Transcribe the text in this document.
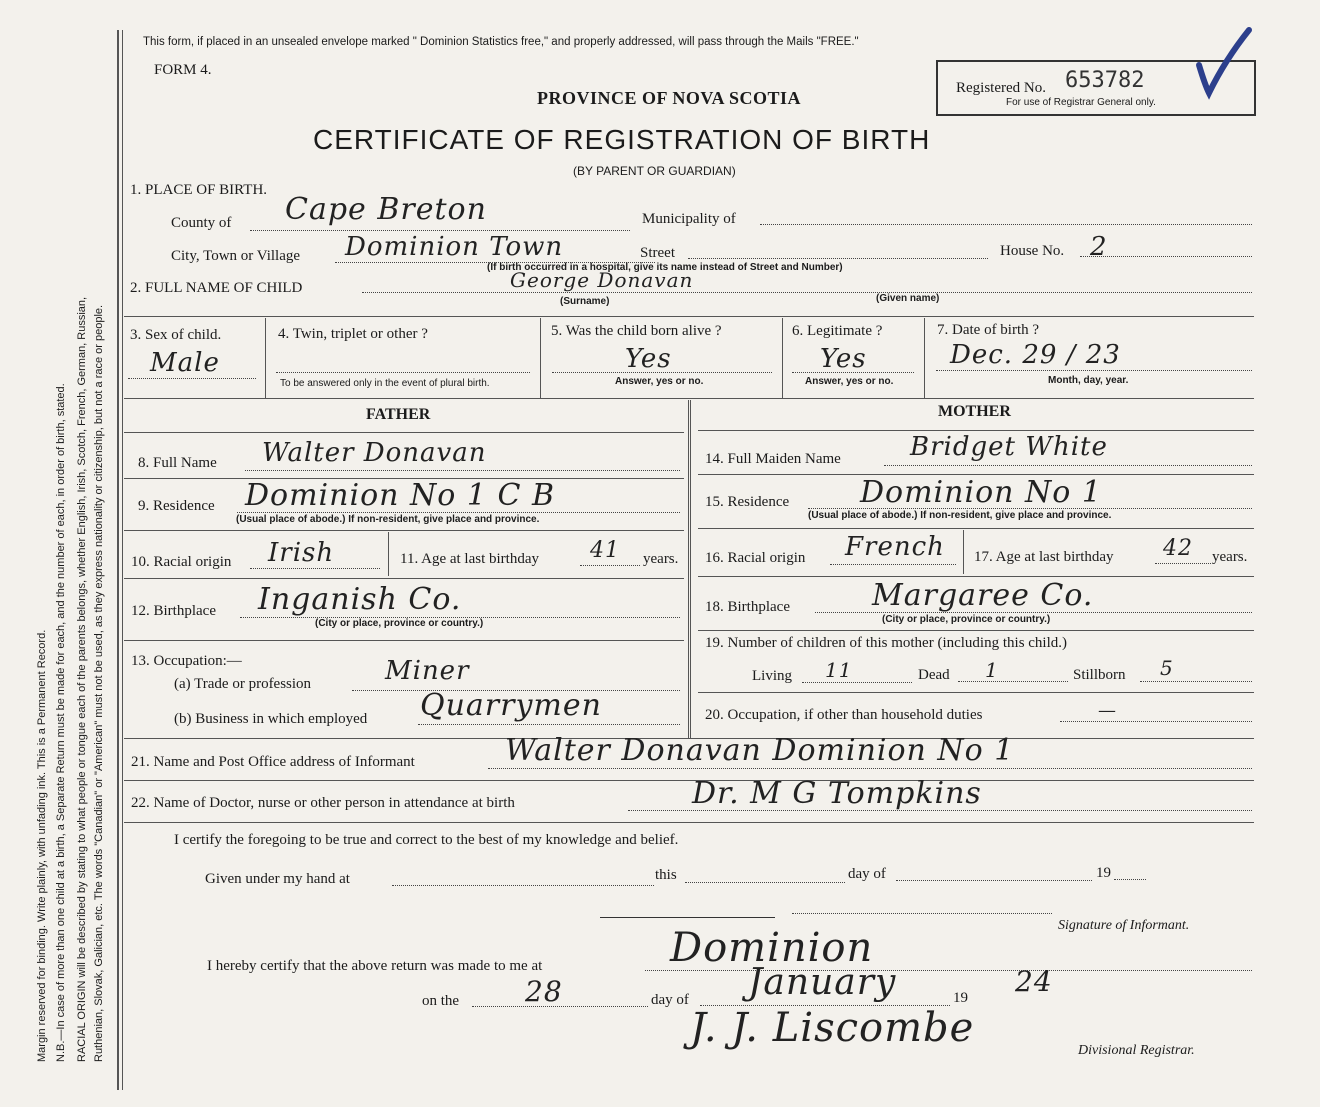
Margin reserved for binding. Write plainly, with unfading ink. This is a Permanent Record. N.B.—In case of more than one child at a birth, a Separate Return must be made for each, and the number of each, in order of birth, stated. RACIAL ORIGIN will be described by stating to what people or tongue each of the parents belongs, whether English, Irish, Scotch, French, German, Russian, Ruthenian, Slovak, Galician, etc. The words "Canadian" or "American" must not be used, as they express nationality or citizenship, but not a race or people.
This form, if placed in an unsealed envelope marked " Dominion Statistics free," and properly addressed, will pass through the Mails "FREE."
FORM 4.
PROVINCE OF NOVA SCOTIA
CERTIFICATE OF REGISTRATION OF BIRTH
(BY PARENT OR GUARDIAN)
Registered No. 653782
For use of Registrar General only.
1. PLACE OF BIRTH.
County of Cape Breton	Municipality of
City, Town or Village Dominion Town	Street	House No. 2
(If birth occurred in a hospital, give its name instead of Street and Number)
2. FULL NAME OF CHILD	George Donavan
(Surname)	(Given name)
3. Sex of child.
Male
4. Twin, triplet or other ?
To be answered only in the event of plural birth.
5. Was the child born alive ?
Yes
Answer, yes or no.
6. Legitimate ?
Yes
Answer, yes or no.
7. Date of birth ?
Dec. 29 / 23
Month, day, year.
FATHER
8. Full Name Walter Donavan
9. Residence Dominion No 1 C B
(Usual place of abode.) If non-resident, give place and province.
10. Racial origin Irish	11. Age at last birthday 41 years.
12. Birthplace Inganish Co.
(City or place, province or country.)
13. Occupation:—
(a) Trade or profession	Miner
(b) Business in which employed Quarrymen
MOTHER
14. Full Maiden Name	Bridget White
15. Residence Dominion No 1
(Usual place of abode.) If non-resident, give place and province.
16. Racial origin French 17. Age at last birthday 42 years.
18. Birthplace	Margaree Co.
(City or place, province or country.)
19. Number of children of this mother (including this child.)
Living 11	Dead 1	Stillborn 5
20. Occupation, if other than household duties	—
21. Name and Post Office address of Informant	Walter Donavan Dominion No 1
22. Name of Doctor, nurse or other person in attendance at birth	Dr. M G Tompkins
I certify the foregoing to be true and correct to the best of my knowledge and belief.
Given under my hand at	this	day of	19
Signature of Informant.
I hereby certify that the above return was made to me at	Dominion
on the 28	day of January	19 24
J. J. Liscombe	Divisional Registrar.
